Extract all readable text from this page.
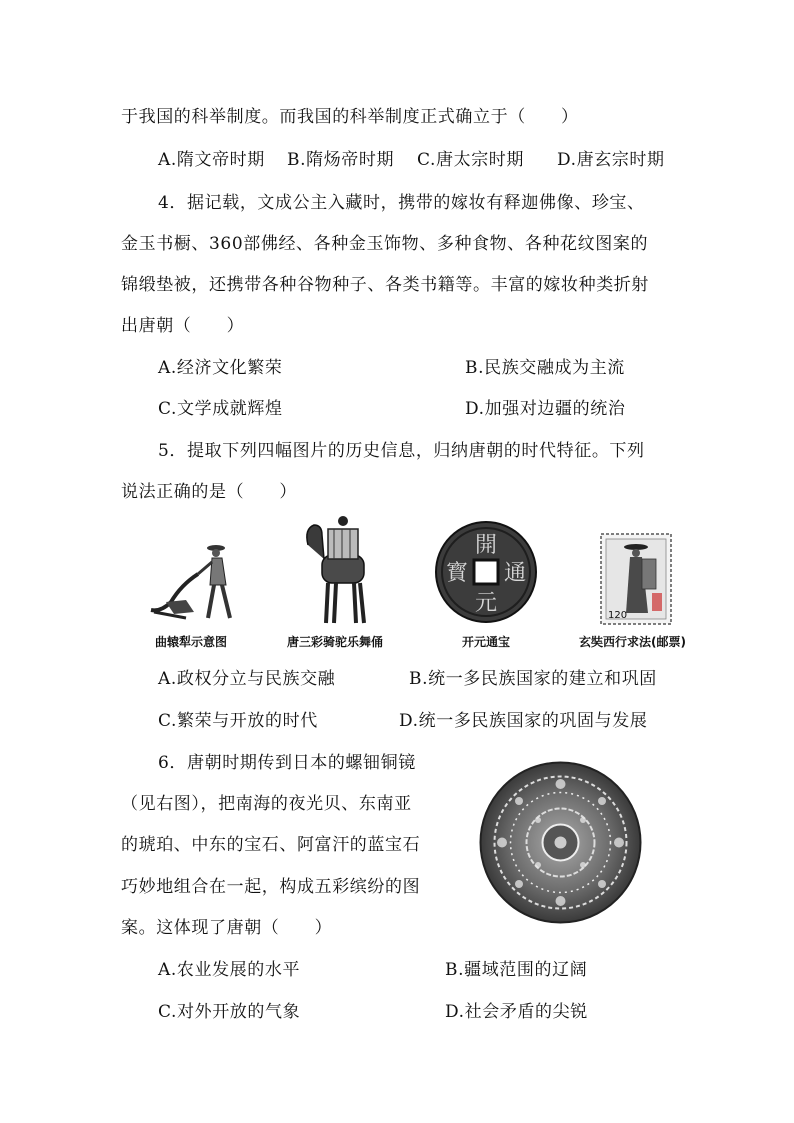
于我国的科举制度。而我国的科举制度正式确立于（　　）
A.隋文帝时期 B.隋炀帝时期 C.唐太宗时期 D.唐玄宗时期
4．据记载，文成公主入藏时，携带的嫁妆有释迦佛像、珍宝、
金玉书橱、360部佛经、各种金玉饰物、多种食物、各种花纹图案的
锦缎垫被，还携带各种谷物种子、各类书籍等。丰富的嫁妆种类折射
出唐朝（　　）
A.经济文化繁荣	B.民族交融成为主流
C.文学成就辉煌	D.加强对边疆的统治
5．提取下列四幅图片的历史信息，归纳唐朝的时代特征。下列
说法正确的是（　　）
曲辕犁示意图	唐三彩骑驼乐舞俑
開
元
通
寳
开元通宝
120
玄奘西行求法(邮票)
A.政权分立与民族交融	B.统一多民族国家的建立和巩固
C.繁荣与开放的时代	D.统一多民族国家的巩固与发展
6．唐朝时期传到日本的螺钿铜镜
（见右图），把南海的夜光贝、东南亚
的琥珀、中东的宝石、阿富汗的蓝宝石
巧妙地组合在一起，构成五彩缤纷的图
案。这体现了唐朝（　　）
A.农业发展的水平	B.疆域范围的辽阔
C.对外开放的气象	D.社会矛盾的尖锐
